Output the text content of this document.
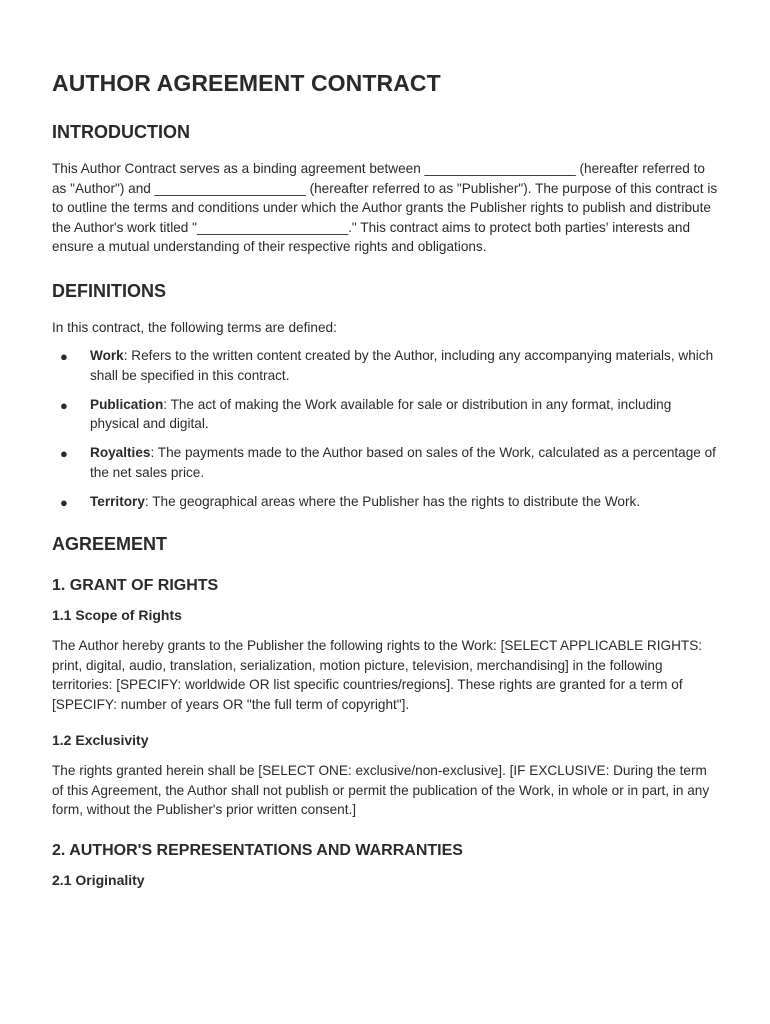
AUTHOR AGREEMENT CONTRACT
INTRODUCTION

This Author Contract serves as a binding agreement between ____________________ (hereafter referred to as "Author") and ____________________ (hereafter referred to as "Publisher"). The purpose of this contract is to outline the terms and conditions under which the Author grants the Publisher rights to publish and distribute the Author's work titled "____________________." This contract aims to protect both parties' interests and ensure a mutual understanding of their respective rights and obligations.

DEFINITIONS

In this contract, the following terms are defined:

● Work: Refers to the written content created by the Author, including any accompanying materials, which shall be specified in this contract.
● Publication: The act of making the Work available for sale or distribution in any format, including physical and digital.
● Royalties: The payments made to the Author based on sales of the Work, calculated as a percentage of the net sales price.
● Territory: The geographical areas where the Publisher has the rights to distribute the Work.
AGREEMENT
1. GRANT OF RIGHTS
1.1 Scope of Rights

The Author hereby grants to the Publisher the following rights to the Work: [SELECT APPLICABLE RIGHTS: print, digital, audio, translation, serialization, motion picture, television, merchandising] in the following territories: [SPECIFY: worldwide OR list specific countries/regions]. These rights are granted for a term of [SPECIFY: number of years OR "the full term of copyright"].

1.2 Exclusivity

The rights granted herein shall be [SELECT ONE: exclusive/non-exclusive]. [IF EXCLUSIVE: During the term of this Agreement, the Author shall not publish or permit the publication of the Work, in whole or in part, in any form, without the Publisher's prior written consent.]

2. AUTHOR'S REPRESENTATIONS AND WARRANTIES
2.1 Originality
